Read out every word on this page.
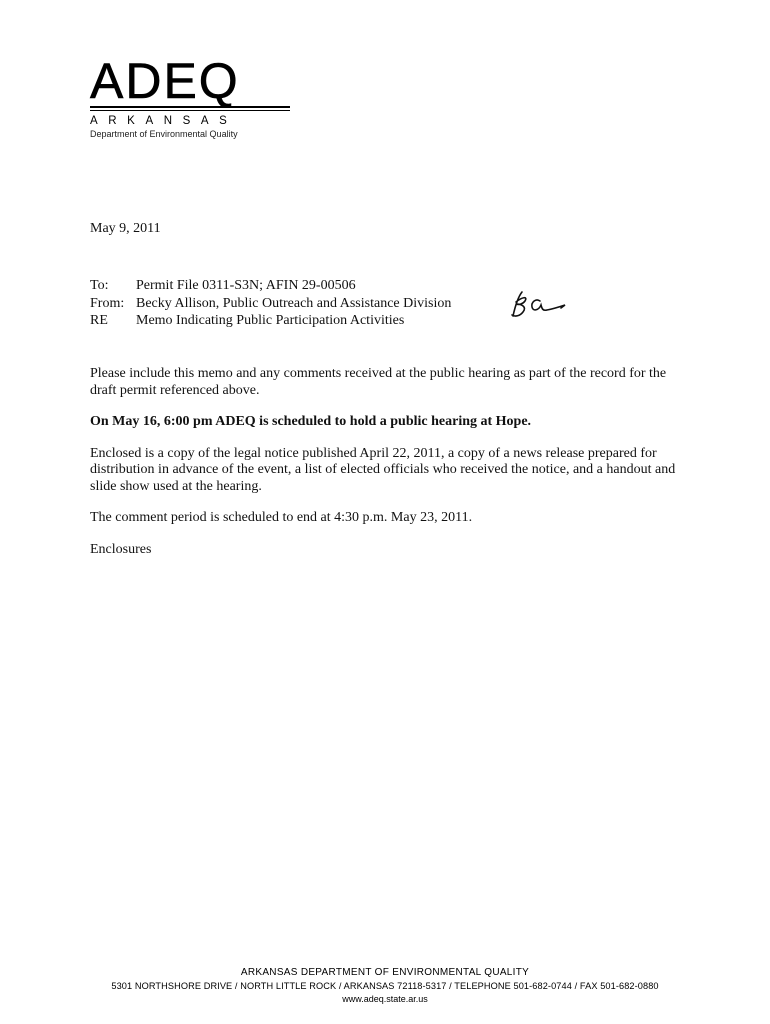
ADEQ
ARKANSAS
Department of Environmental Quality
May 9, 2011
To:	Permit File 0311-S3N; AFIN 29-00506
From: Becky Allison, Public Outreach and Assistance Division
RE	Memo Indicating Public Participation Activities

Please include this memo and any comments received at the public hearing as part of the record for the draft permit referenced above.

On May 16, 6:00 pm ADEQ is scheduled to hold a public hearing at Hope.

Enclosed is a copy of the legal notice published April 22, 2011, a copy of a news release prepared for distribution in advance of the event, a list of elected officials who received the notice, and a handout and slide show used at the hearing.

The comment period is scheduled to end at 4:30 p.m. May 23, 2011.

Enclosures

ARKANSAS DEPARTMENT OF ENVIRONMENTAL QUALITY
5301 NORTHSHORE DRIVE / NORTH LITTLE ROCK / ARKANSAS 72118-5317 / TELEPHONE 501-682-0744 / FAX 501-682-0880
www.adeq.state.ar.us
